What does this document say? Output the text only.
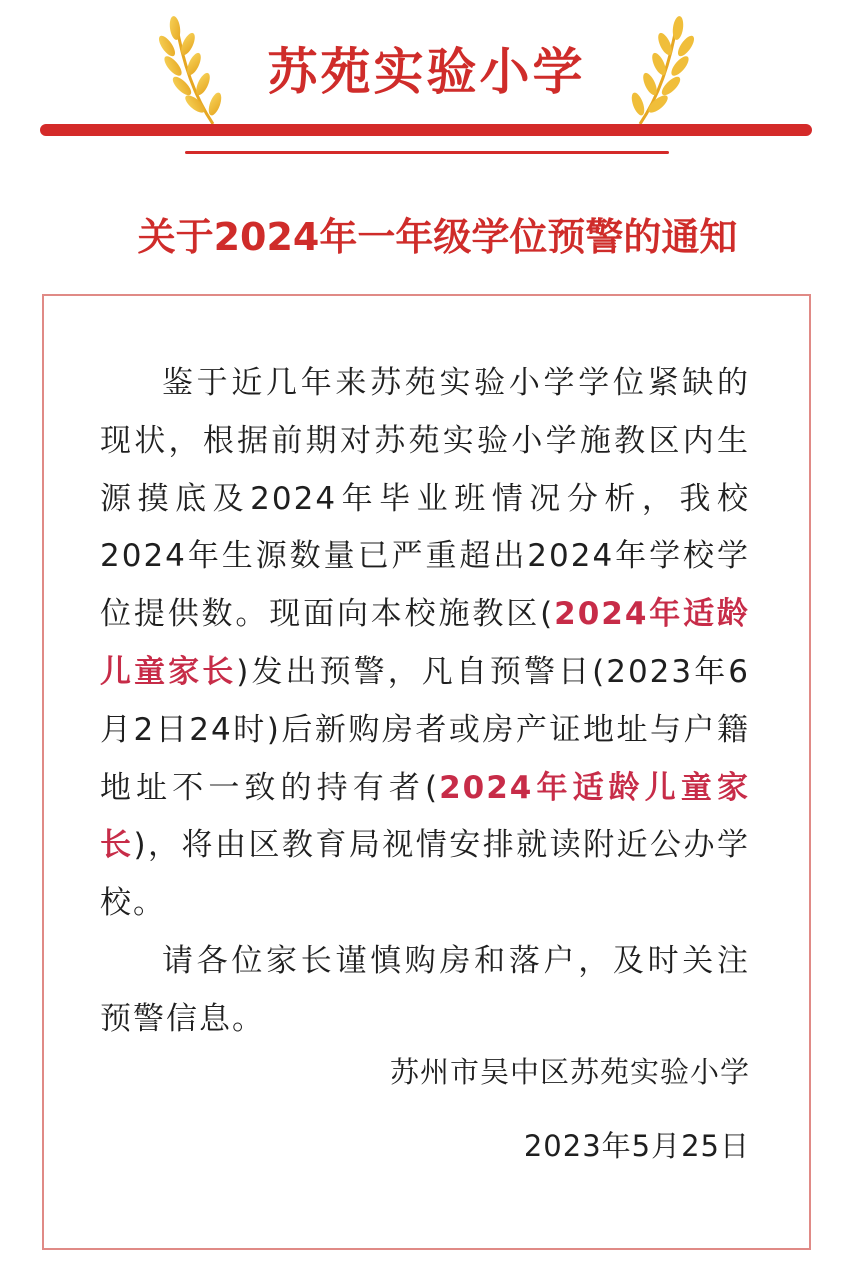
苏苑实验小学
关于2024年一年级学位预警的通知

鉴于近几年来苏苑实验小学学位紧缺的现状，根据前期对苏苑实验小学施教区内生源摸底及2024年毕业班情况分析，我校2024年生源数量已严重超出2024年学校学位提供数。现面向本校施教区(2024年适龄儿童家长)发出预警，凡自预警日(2023年6月2日24时)后新购房者或房产证地址与户籍地址不一致的持有者(2024年适龄儿童家长)，将由区教育局视情安排就读附近公办学校。

请各位家长谨慎购房和落户，及时关注预警信息。

苏州市吴中区苏苑实验小学
2023年5月25日
